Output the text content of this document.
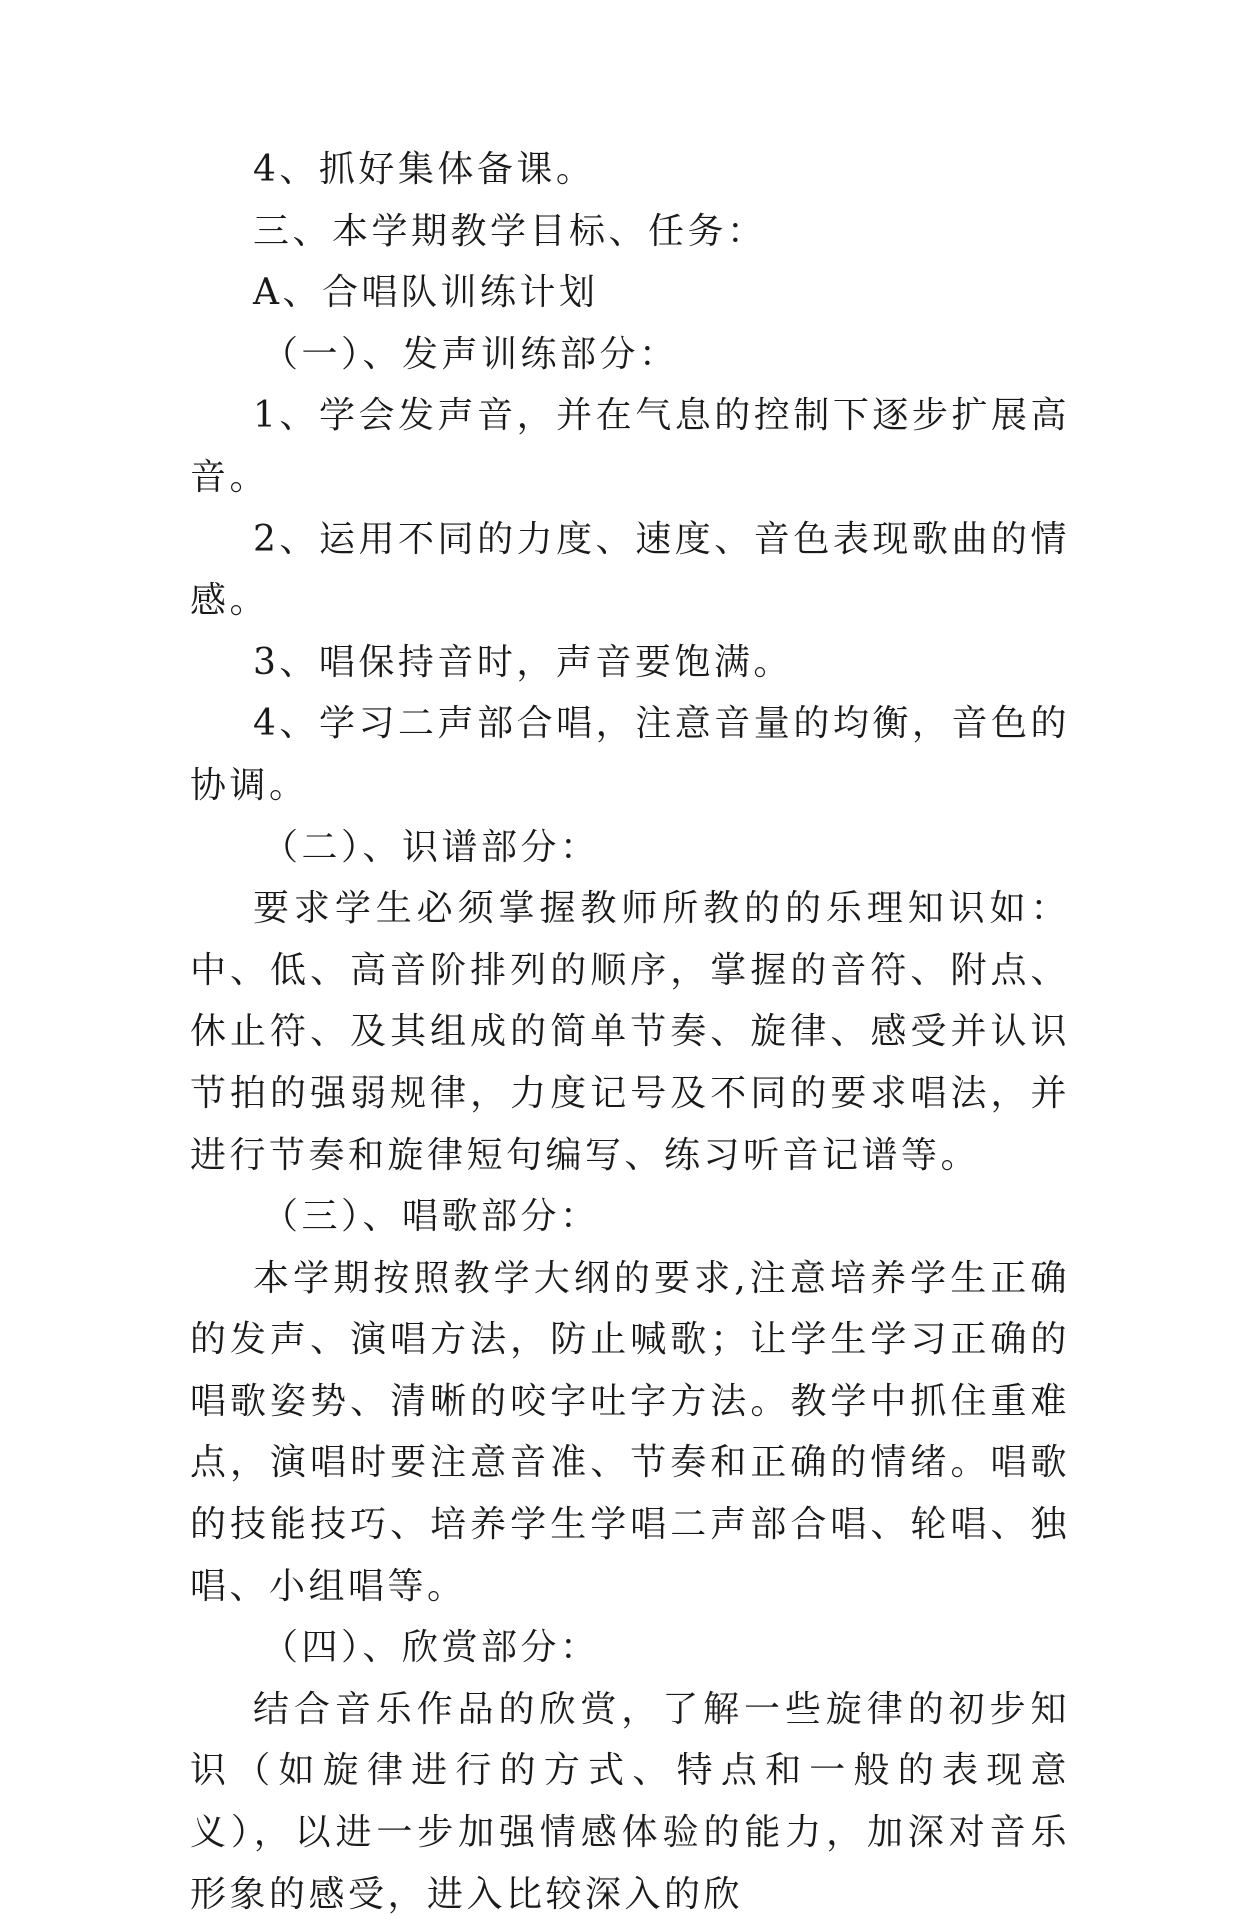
4、抓好集体备课。

三、本学期教学目标、任务：

A、合唱队训练计划

（一）、发声训练部分：

1、学会发声音，并在气息的控制下逐步扩展高音。

2、运用不同的力度、速度、音色表现歌曲的情感。

3、唱保持音时，声音要饱满。

4、学习二声部合唱，注意音量的均衡，音色的协调。

（二）、识谱部分：

要求学生必须掌握教师所教的的乐理知识如：中、低、高音阶排列的顺序，掌握的音符、附点、休止符、及其组成的简单节奏、旋律、感受并认识节拍的强弱规律，力度记号及不同的要求唱法，并进行节奏和旋律短句编写、练习听音记谱等。

（三）、唱歌部分：

本学期按照教学大纲的要求,注意培养学生正确的发声、演唱方法，防止喊歌；让学生学习正确的唱歌姿势、清晰的咬字吐字方法。教学中抓住重难点，演唱时要注意音准、节奏和正确的情绪。唱歌的技能技巧、培养学生学唱二声部合唱、轮唱、独唱、小组唱等。

（四）、欣赏部分：

结合音乐作品的欣赏，了解一些旋律的初步知识（如旋律进行的方式、特点和一般的表现意义），以进一步加强情感体验的能力，加深对音乐形象的感受，进入比较深入的欣
